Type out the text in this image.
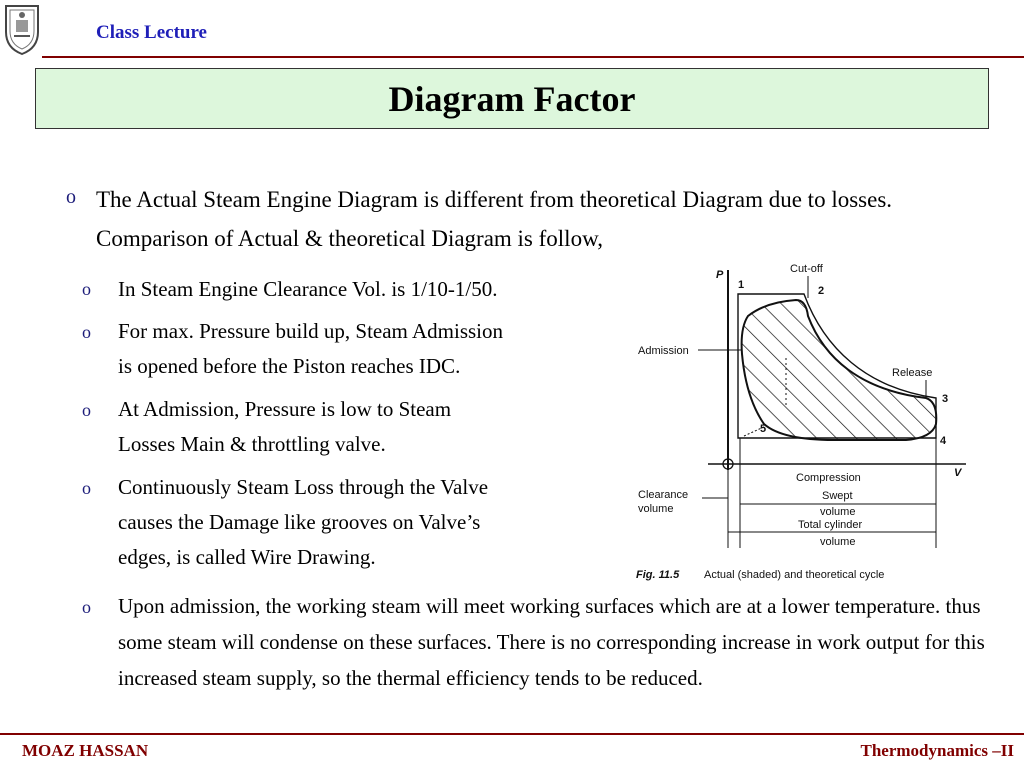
Class Lecture
Diagram Factor
o The Actual Steam Engine Diagram is different from theoretical Diagram due to losses. Comparison of Actual & theoretical Diagram is follow,
o In Steam Engine Clearance Vol. is 1/10-1/50.
o For max. Pressure build up, Steam Admission
is opened before the Piston reaches IDC.
o At Admission, Pressure is low to Steam
Losses Main & throttling valve.
o Continuously Steam Loss through the Valve
causes the Damage like grooves on Valve’s
edges, is called Wire Drawing.
o Upon admission, the working steam will meet working surfaces which are at a lower temperature. thus some steam will condense on these surfaces. There is no corresponding increase in work output for this increased steam supply, so the thermal efficiency tends to be reduced.
P
V
1	2
3
4
5
Cut-off
Admission
Release
Compression
Swept
volume
Total cylinder
volume
Clearance
volume
Fig. 11.5 Actual (shaded) and theoretical cycle
MOAZ HASSAN	Thermodynamics –II
